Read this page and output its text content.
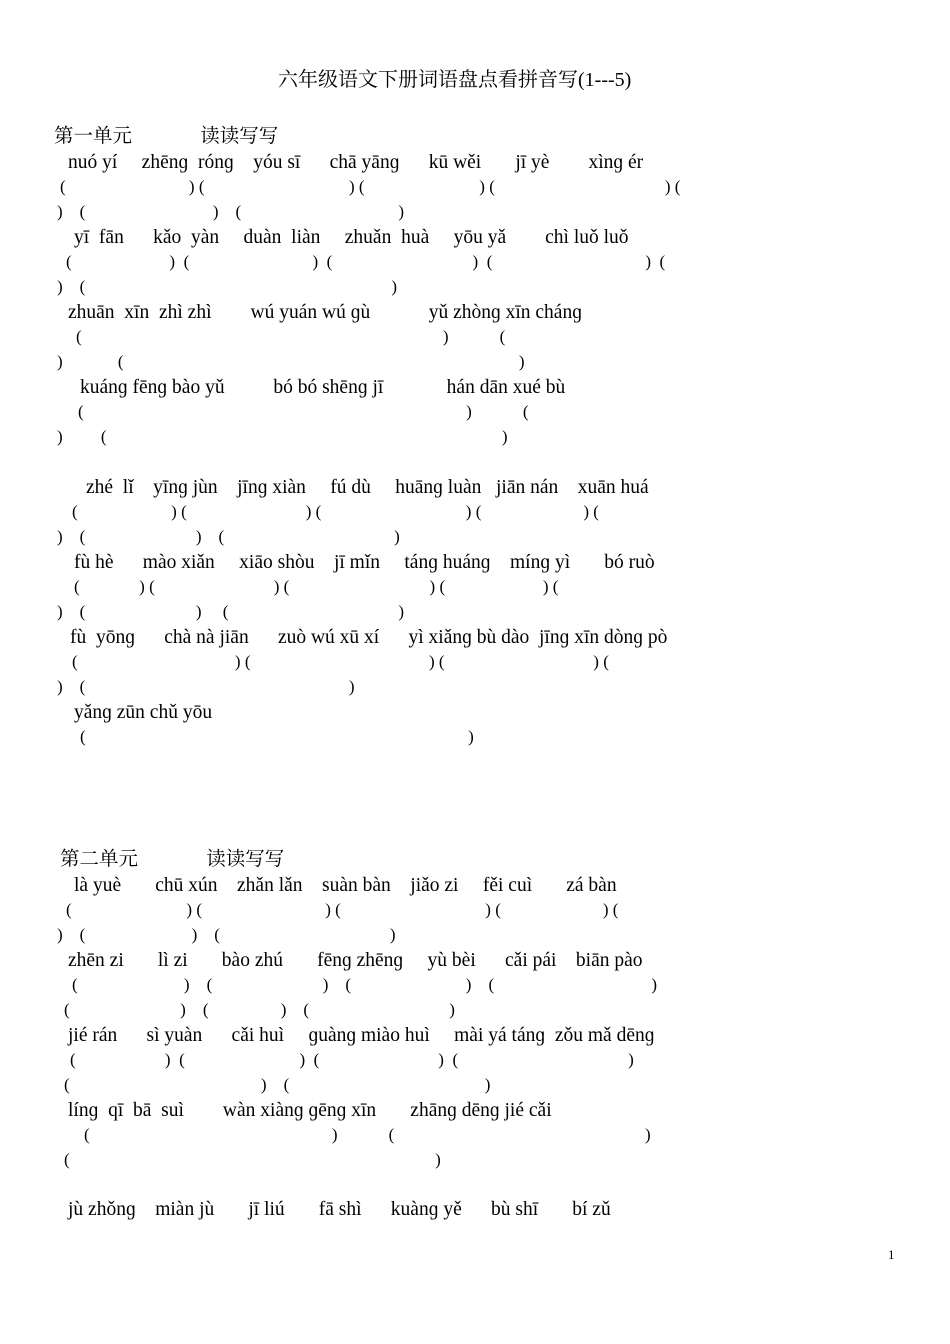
六年级语文下册词语盘点看拼音写(1---5)
第一单元              读读写写
nuó yí     zhēnɡ  rónɡ    yóu sī      chā yānɡ      kū wěi       jī yè        xìnɡ ér
(                             ) (                                  ) (                           ) (                                        ) (
)    (                              )    (                                     )
yī  fān      kǎo  yàn     duàn  liàn     zhuǎn  huà     yōu yǎ        chì luǒ luǒ
(                       )  (                             )  (                                 )  (                                    )  (
)    (                                                                        )
zhuān  xīn  zhì zhì        wú yuán wú ɡù            yǔ zhònɡ xīn chánɡ
(                                                                                     )            (
)             (                                                                                             )
kuánɡ fēnɡ bào yǔ          bó bó shēnɡ jī             hán dān xué bù
(                                                                                          )            (
)         (                                                                                             )
zhé  lǐ    yīnɡ jùn    jīnɡ xiàn     fú dù     huānɡ luàn   jiān nán    xuān huá
(                      ) (                            ) (                                  ) (                        ) (
)    (                          )    (                                        )
fù hè      mào xiǎn     xiāo shòu    jī mǐn     tánɡ huánɡ    mínɡ yì       bó ruò
(              ) (                            ) (                                 ) (                       ) (
)    (                          )     (                                        )
fù  yōnɡ      chà nà jiān      zuò wú xū xí      yì xiǎnɡ bù dào  jīnɡ xīn dònɡ pò
(                                     ) (                                          ) (                                   ) (
)    (                                                              )
yǎnɡ zūn chǔ yōu
(                                                                                          )
第二单元              读读写写
là yuè       chū xún    zhǎn lǎn    suàn bàn    jiǎo zi     fěi cuì       zá bàn
(                           ) (                             ) (                                  ) (                        ) (
)    (                         )    (                                        )
zhēn zi       lì zi       bào zhú       fēnɡ zhēnɡ     yù bèi      cǎi pái    biān pào
(                         )    (                          )    (                           )    (                                     )
(                          )    (                 )    (                                 )
jié rán      sì yuàn      cǎi huì     ɡuànɡ miào huì     mài yá tánɡ  zǒu mǎ dēnɡ
(                     )  (                           )  (                            )  (                                        )
(                                             )    (                                              )
línɡ  qī  bā  suì        wàn xiànɡ ɡēnɡ xīn       zhānɡ dēnɡ jié cǎi
(                                                         )            (                                                           )
(                                                                                      )
jù zhǒnɡ    miàn jù       jī liú       fā shì      kuànɡ yě      bù shī       bí zǔ
1
